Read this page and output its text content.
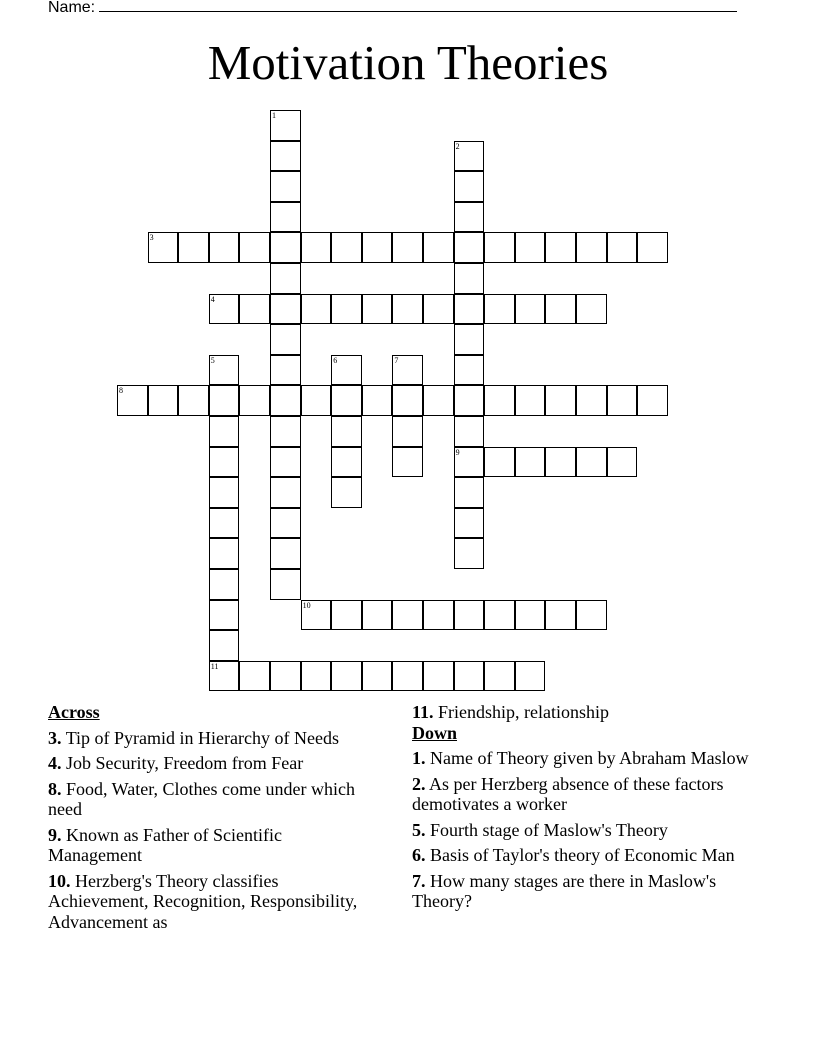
Name:
Motivation Theories
1
2
9
3
4
5
11
6	7
8
10
Across
3. Tip of Pyramid in Hierarchy of Needs
4. Job Security, Freedom from Fear
8. Food, Water, Clothes come under which need
9. Known as Father of Scientific Management
10. Herzberg's Theory classifies Achievement, Recognition, Responsibility, Advancement as
11. Friendship, relationship
Down
1. Name of Theory given by Abraham Maslow
2. As per Herzberg absence of these factors demotivates a worker
5. Fourth stage of Maslow's Theory
6. Basis of Taylor's theory of Economic Man
7. How many stages are there in Maslow's Theory?
